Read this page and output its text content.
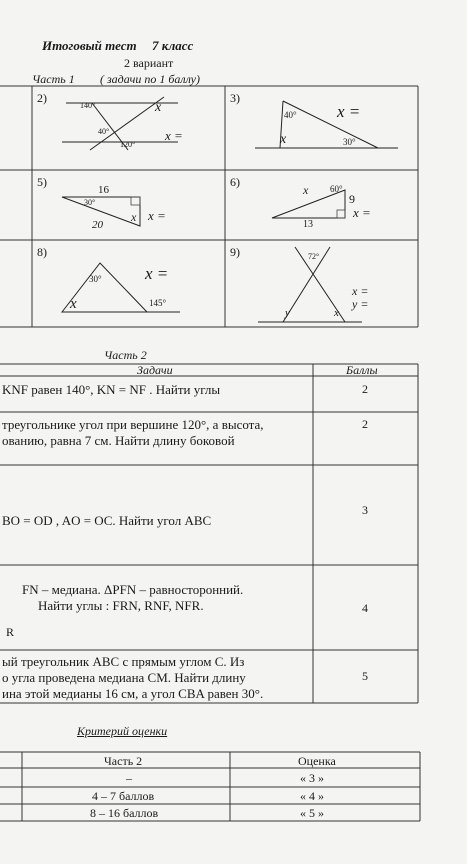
Итоговый тест 7 класс
2 вариант
Часть 1 ( задачи по 1 баллу)
2)	3)
5)	6)
8)	9)
140°	x
40°
120°
x =
x =
40°
x	30°
16
30°
x
20
x =
x 60°
9
x =
13
x =
30°
x	145°
72°
x =
y =
y	x
Часть 2
Задачи	Баллы
KNF равен 140°, KN = NF . Найти углы	2
треугольнике угол при вершине 120°, а высота,
ованию, равна 7 см. Найти длину боковой
2
BO = OD , AO = OC. Найти угол ABC
3
FN – медиана. ΔPFN – равносторонний.
Найти углы : FRN, RNF, NFR.
R
4
ый треугольник ABC с прямым углом C. Из
о угла проведена медиана CM. Найти длину
ина этой медианы 16 см, а угол CBA равен 30°.
5
Критерий оценки
Часть 2	Оценка
–	« 3 »
4 – 7 баллов	« 4 »
8 – 16 баллов	« 5 »
